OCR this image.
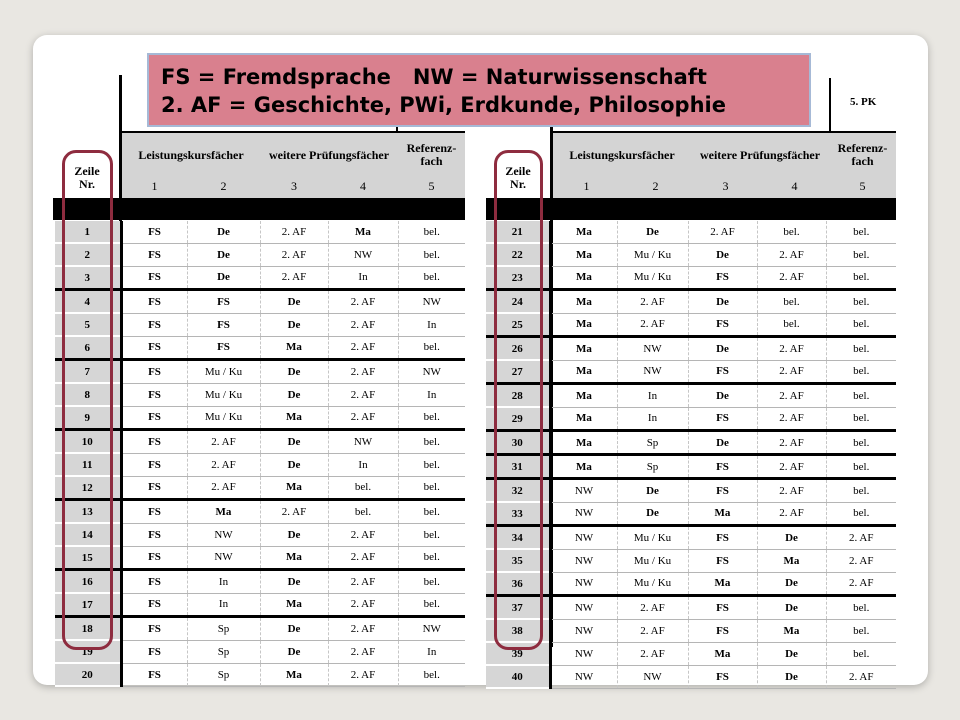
Leistungskursfächer	weitere Prüfungsfächer	Referenz-fach
1	2	3	4	5
Zeile Nr.
1	FS	De	2. AF	Ma	bel.
2	FS	De	2. AF	NW	bel.
3	FS	De	2. AF	In	bel.
4	FS	FS	De	2. AF	NW
5	FS	FS	De	2. AF	In
6	FS	FS	Ma	2. AF	bel.
7	FS	Mu / Ku	De	2. AF	NW
8	FS	Mu / Ku	De	2. AF	In
9	FS	Mu / Ku	Ma	2. AF	bel.
10	FS	2. AF	De	NW	bel.
11	FS	2. AF	De	In	bel.
12	FS	2. AF	Ma	bel.	bel.
13	FS	Ma	2. AF	bel.	bel.
14	FS	NW	De	2. AF	bel.
15	FS	NW	Ma	2. AF	bel.
16	FS	In	De	2. AF	bel.
17	FS	In	Ma	2. AF	bel.
18	FS	Sp	De	2. AF	NW
19	FS	Sp	De	2. AF	In
20	FS	Sp	Ma	2. AF	bel.
5. PK
Leistungskursfächer	weitere Prüfungsfächer	Referenz-fach
1	2	3	4	5
Zeile Nr.
21	Ma	De	2. AF	bel.	bel.
22	Ma	Mu / Ku	De	2. AF	bel.
23	Ma	Mu / Ku	FS	2. AF	bel.
24	Ma	2. AF	De	bel.	bel.
25	Ma	2. AF	FS	bel.	bel.
26	Ma	NW	De	2. AF	bel.
27	Ma	NW	FS	2. AF	bel.
28	Ma	In	De	2. AF	bel.
29	Ma	In	FS	2. AF	bel.
30	Ma	Sp	De	2. AF	bel.
31	Ma	Sp	FS	2. AF	bel.
32	NW	De	FS	2. AF	bel.
33	NW	De	Ma	2. AF	bel.
34	NW	Mu / Ku	FS	De	2. AF
35	NW	Mu / Ku	FS	Ma	2. AF
36	NW	Mu / Ku	Ma	De	2. AF
37	NW	2. AF	FS	De	bel.
38	NW	2. AF	FS	Ma	bel.
39	NW	2. AF	Ma	De	bel.
40	NW	NW	FS	De	2. AF
FS = Fremdsprache   NW = Naturwissenschaft
2. AF = Geschichte, PWi, Erdkunde, Philosophie
